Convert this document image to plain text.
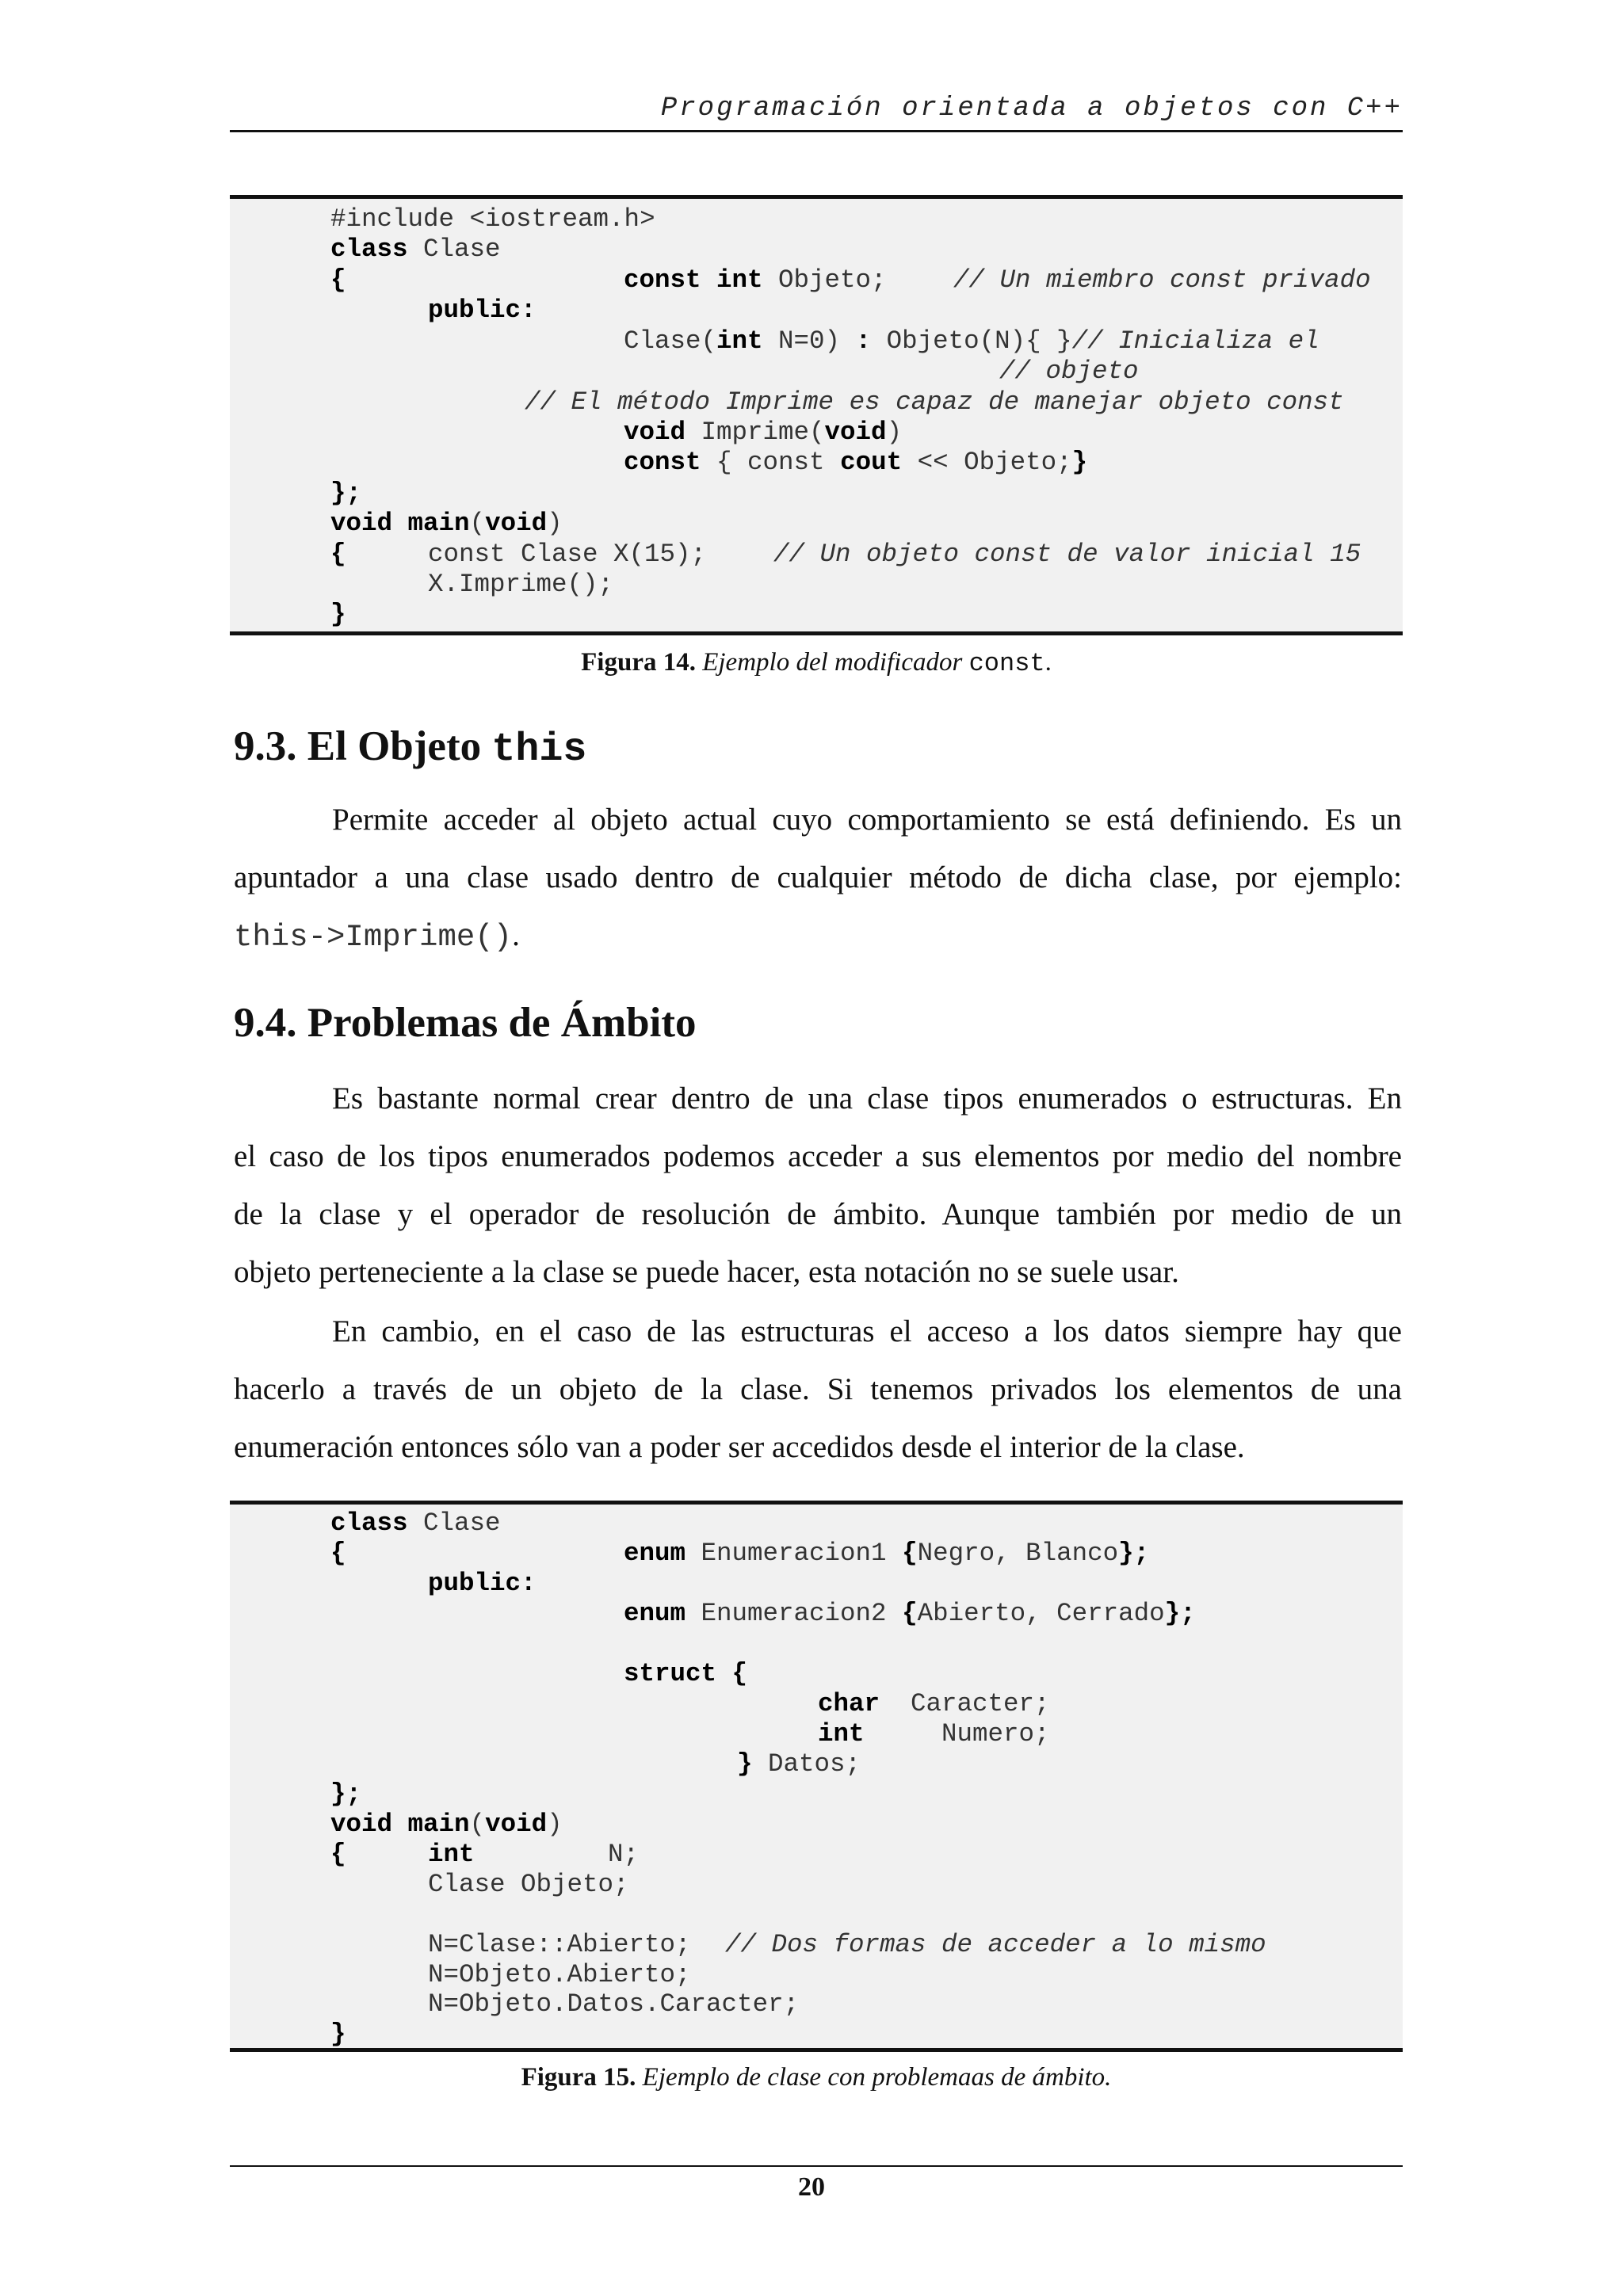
Programación orientada a objetos con C++
#include <iostream.h>
class Clase
{	const int Objeto;	// Un miembro const privado
public:
Clase(int N=0) : Objeto(N){ }// Inicializa el
// objeto
// El método Imprime es capaz de manejar objeto const
void Imprime(void)
const { const cout << Objeto;}
};
void main(void)
{	const Clase X(15);	// Un objeto const de valor inicial 15
X.Imprime();
}
Figura 14. Ejemplo del modificador const.
9.3. El Objeto this
Permite acceder al objeto actual cuyo comportamiento se está definiendo. Es un
apuntador a una clase usado dentro de cualquier método de dicha clase, por ejemplo:
this->Imprime().
9.4. Problemas de Ámbito
Es bastante normal crear dentro de una clase tipos enumerados o estructuras. En
el caso de los tipos enumerados podemos acceder a sus elementos por medio del nombre
de la clase y el operador de resolución de ámbito. Aunque también por medio de un
objeto perteneciente a la clase se puede hacer, esta notación no se suele usar.
En cambio, en el caso de las estructuras el acceso a los datos siempre hay que
hacerlo a través de un objeto de la clase. Si tenemos privados los elementos de una
enumeración entonces sólo van a poder ser accedidos desde el interior de la clase.
class Clase
{	enum Enumeracion1 {Negro, Blanco};
public:
enum Enumeracion2 {Abierto, Cerrado};
struct {
char  Caracter;
int     Numero;
} Datos;
};
void main(void)
{	int	N;
Clase Objeto;
N=Clase::Abierto; // Dos formas de acceder a lo mismo
N=Objeto.Abierto;
N=Objeto.Datos.Caracter;
}
Figura 15. Ejemplo de clase con problemaas de ámbito.
20
